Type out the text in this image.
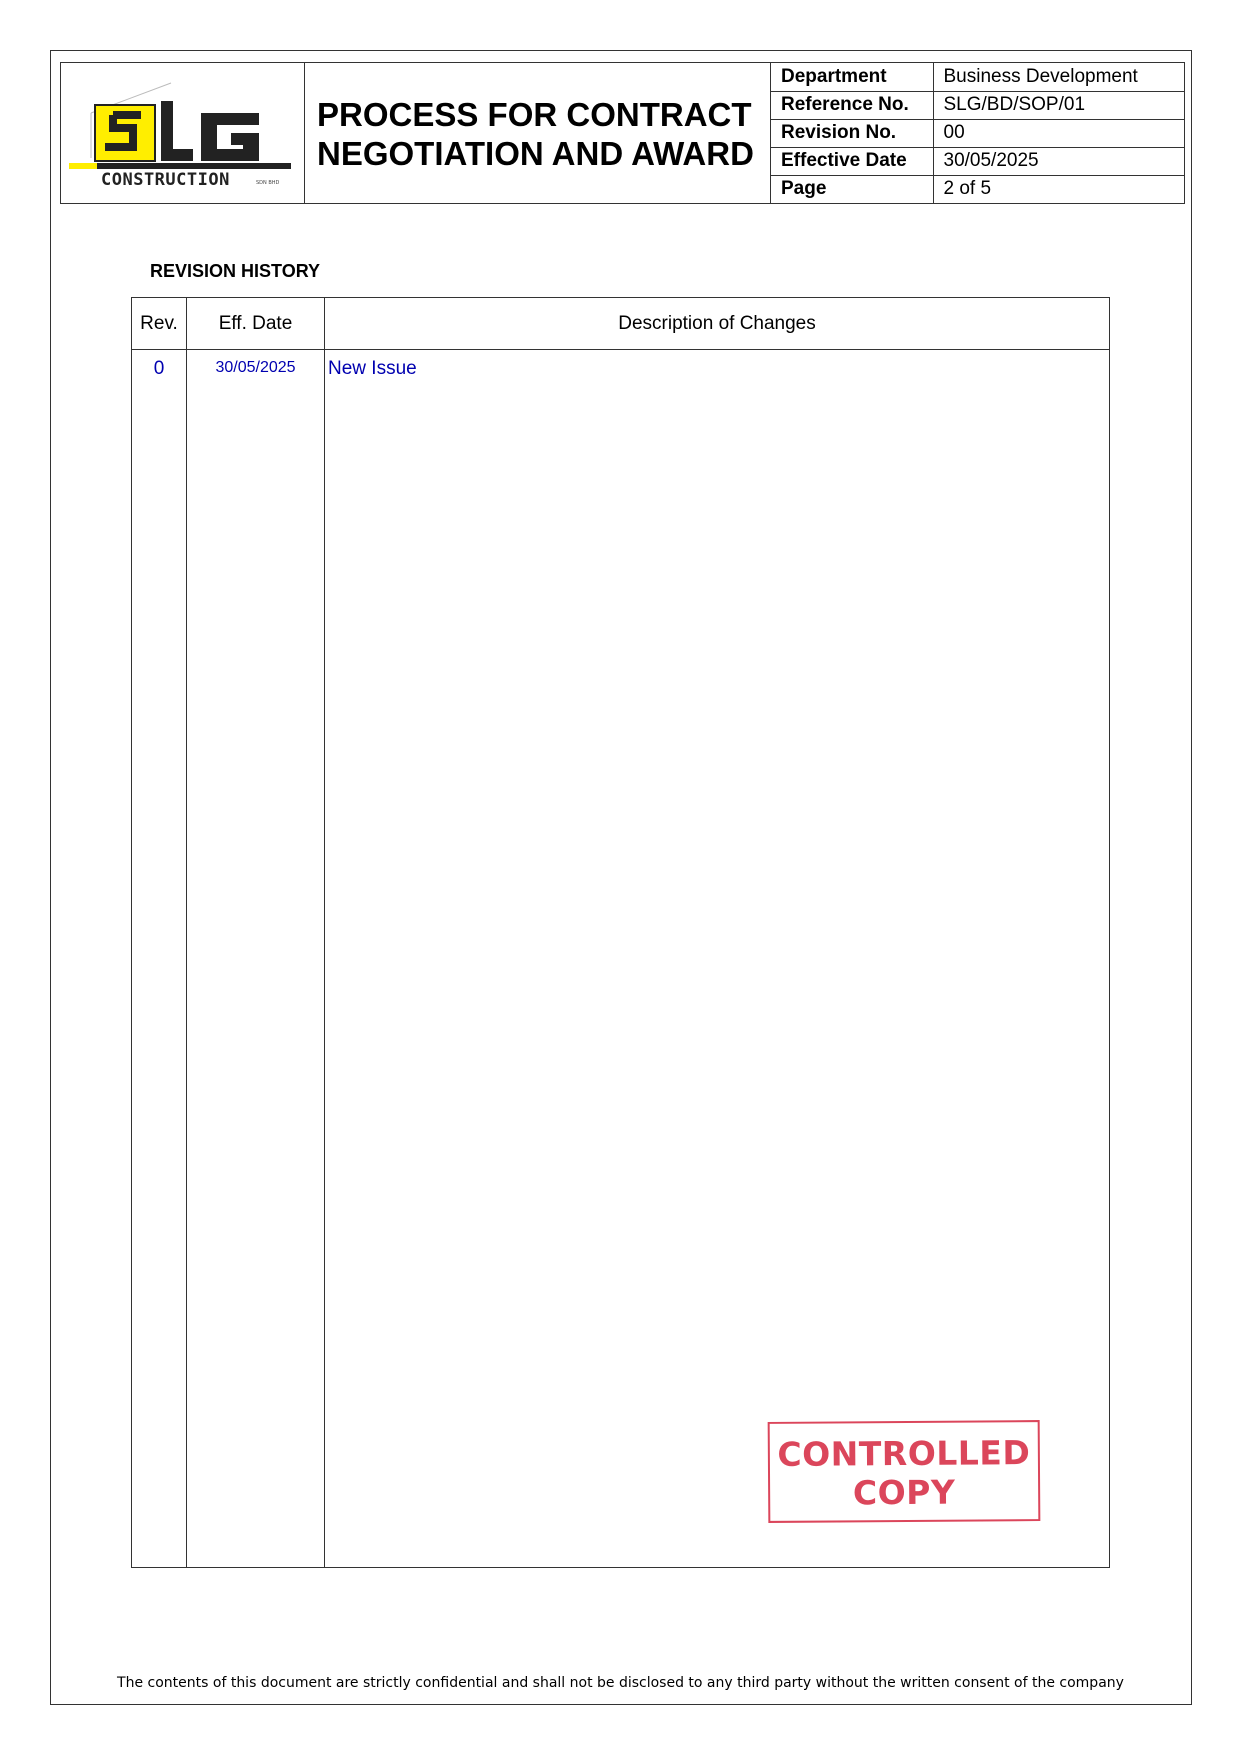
CONSTRUCTION	SDN BHD
PROCESS FOR CONTRACT NEGOTIATION AND AWARD
Department	Business Development
Reference No.	SLG/BD/SOP/01
Revision No.	00
Effective Date	30/05/2025
Page	2 of 5
REVISION HISTORY
Rev.	Eff. Date	Description of Changes
0	30/05/2025	New Issue
CONTROLLED
COPY

The contents of this document are strictly confidential and shall not be disclosed to any third party without the written consent of the company
